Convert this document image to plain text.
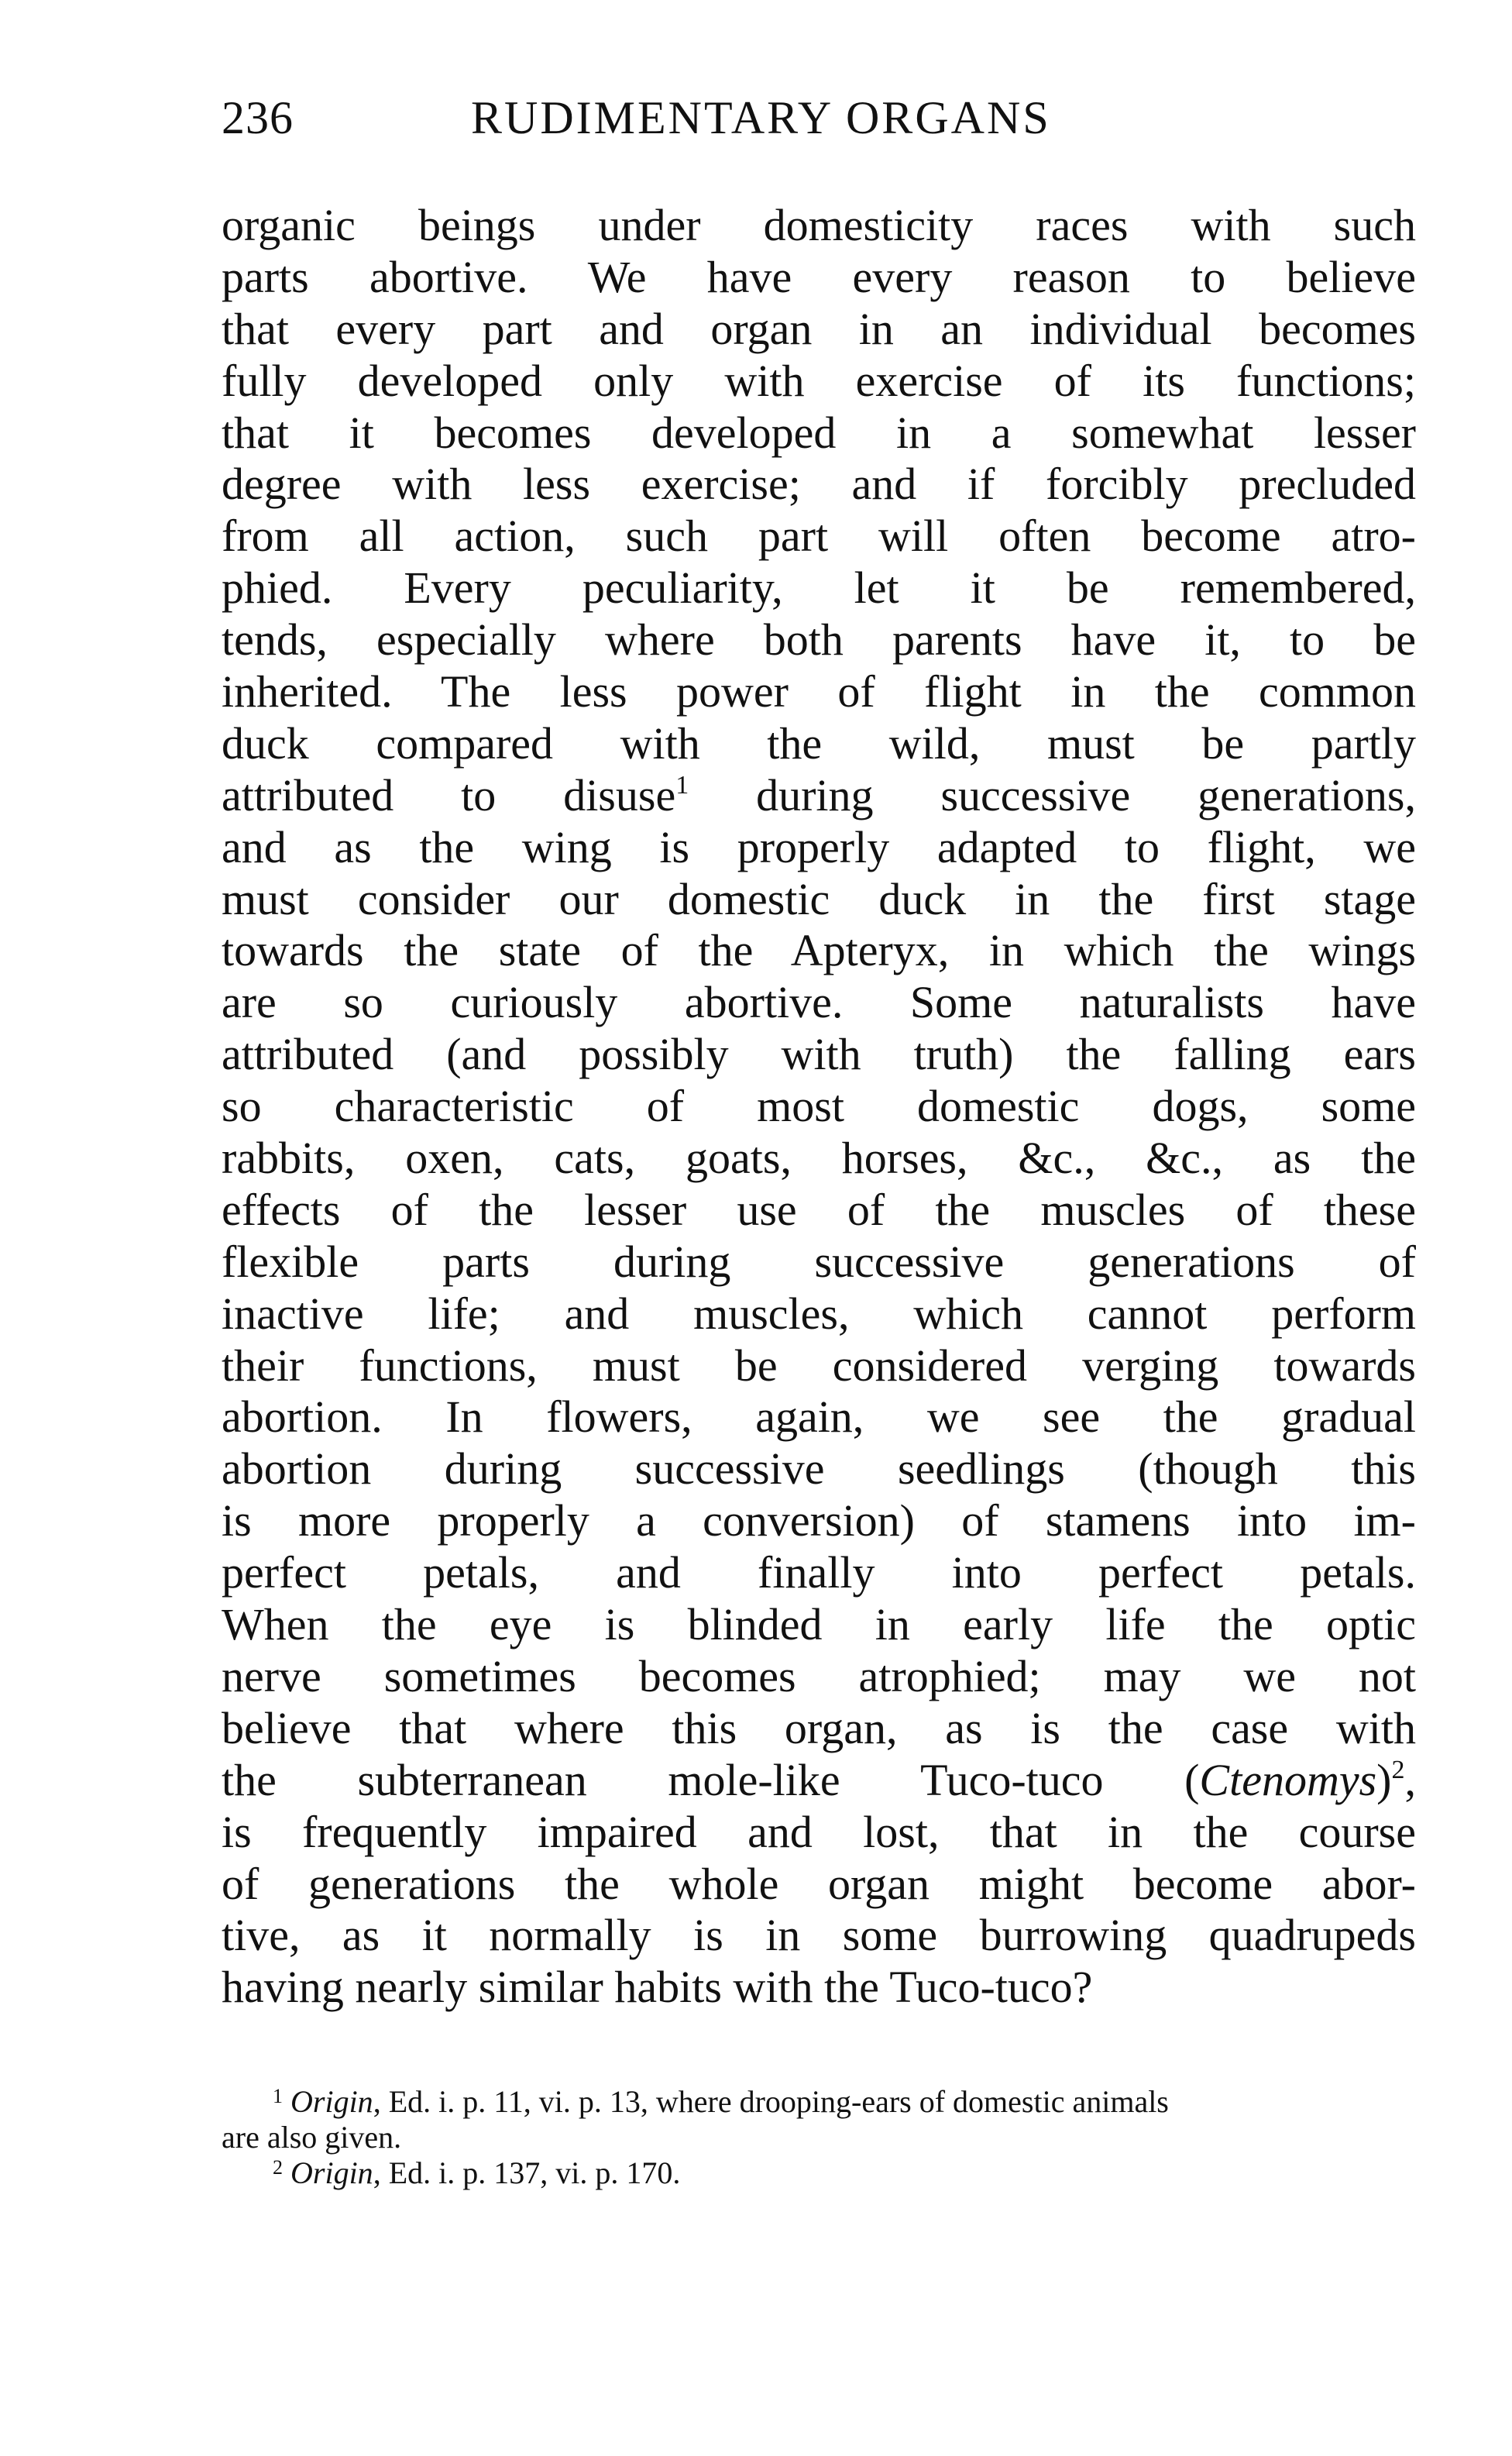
236	RUDIMENTARY ORGANS
organic beings under domesticity races with such
parts abortive. We have every reason to believe
that every part and organ in an individual becomes
fully developed only with exercise of its functions;
that it becomes developed in a somewhat lesser
degree with less exercise; and if forcibly precluded
from all action, such part will often become atro-
phied. Every peculiarity, let it be remembered,
tends, especially where both parents have it, to be
inherited. The less power of flight in the common
duck compared with the wild, must be partly
attributed to disuse$^1$ during successive generations,
and as the wing is properly adapted to flight, we
must consider our domestic duck in the first stage
towards the state of the Apteryx, in which the wings
are so curiously abortive. Some naturalists have
attributed (and possibly with truth) the falling ears
so characteristic of most domestic dogs, some
rabbits, oxen, cats, goats, horses, &c., &c., as the
effects of the lesser use of the muscles of these
flexible parts during successive generations of
inactive life; and muscles, which cannot perform
their functions, must be considered verging towards
abortion. In flowers, again, we see the gradual
abortion during successive seedlings (though this
is more properly a conversion) of stamens into im-
perfect petals, and finally into perfect petals.
When the eye is blinded in early life the optic
nerve sometimes becomes atrophied; may we not
believe that where this organ, as is the case with
the subterranean mole-like Tuco-tuco (Ctenomys)$^2$,
is frequently impaired and lost, that in the course
of generations the whole organ might become abor-
tive, as it normally is in some burrowing quadrupeds
having nearly similar habits with the Tuco-tuco?
$^1$ Origin, Ed. i. p. 11, vi. p. 13, where drooping-ears of domestic animals
are also given.
$^2$ Origin, Ed. i. p. 137, vi. p. 170.
